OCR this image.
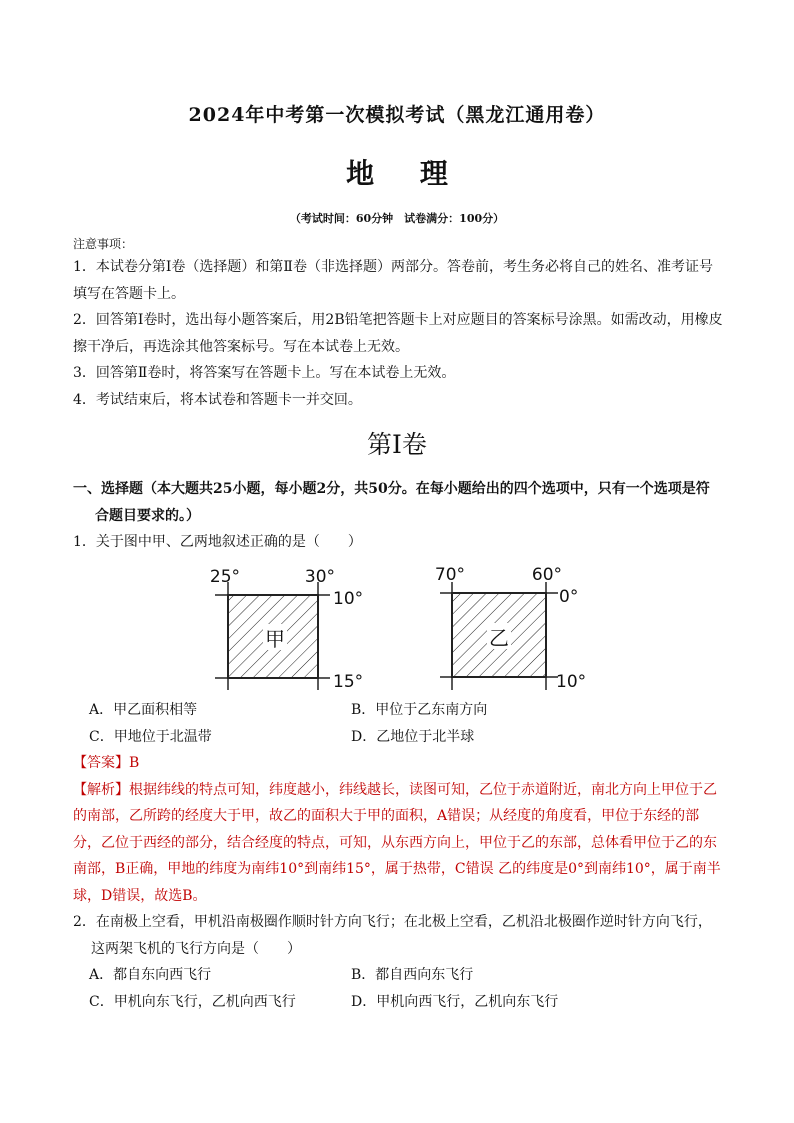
2024年中考第一次模拟考试（黑龙江通用卷）
地 理
（考试时间：60分钟　试卷满分：100分）
注意事项：
1．本试卷分第Ⅰ卷（选择题）和第Ⅱ卷（非选择题）两部分。答卷前，考生务必将自己的姓名、准考证号填写在答题卡上。
2．回答第Ⅰ卷时，选出每小题答案后，用2B铅笔把答题卡上对应题目的答案标号涂黑。如需改动，用橡皮擦干净后，再选涂其他答案标号。写在本试卷上无效。
3．回答第Ⅱ卷时，将答案写在答题卡上。写在本试卷上无效。
4．考试结束后，将本试卷和答题卡一并交回。
第Ⅰ卷
一、选择题（本大题共25小题，每小题2分，共50分。在每小题给出的四个选项中，只有一个选项是符合题目要求的。）
1．关于图中甲、乙两地叙述正确的是（　　）
25°	30°
10°
15°
甲
70°	60°
0°
10°
乙
A．甲乙面积相等	B．甲位于乙东南方向
C．甲地位于北温带	D．乙地位于北半球
【答案】B
【解析】根据纬线的特点可知，纬度越小，纬线越长，读图可知，乙位于赤道附近，南北方向上甲位于乙的南部，乙所跨的经度大于甲，故乙的面积大于甲的面积，A错误；从经度的角度看，甲位于东经的部分，乙位于西经的部分，结合经度的特点，可知，从东西方向上，甲位于乙的东部，总体看甲位于乙的东南部，B正确，甲地的纬度为南纬10°到南纬15°，属于热带，C错误 乙的纬度是0°到南纬10°，属于南半球，D错误，故选B。
2．在南极上空看，甲机沿南极圈作顺时针方向飞行；在北极上空看，乙机沿北极圈作逆时针方向飞行，这两架飞机的飞行方向是（　　）
A．都自东向西飞行	B．都自西向东飞行
C．甲机向东飞行，乙机向西飞行	D．甲机向西飞行，乙机向东飞行
